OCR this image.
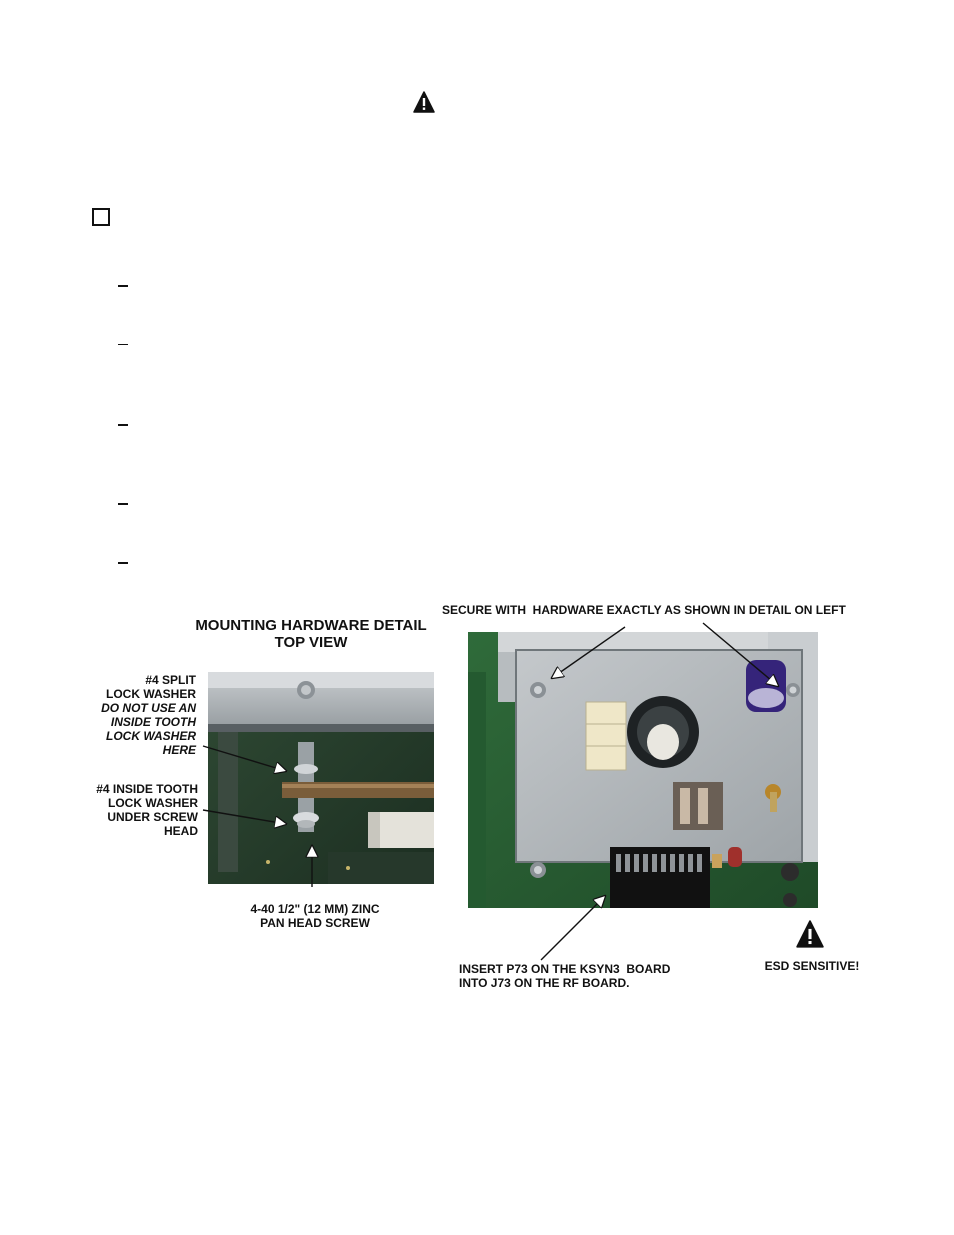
MOUNTING HARDWARE DETAIL
TOP VIEW
#4 SPLIT
LOCK WASHER
DO NOT USE AN
INSIDE TOOTH
LOCK WASHER
HERE
#4 INSIDE TOOTH
LOCK WASHER
UNDER SCREW
HEAD
4-40 1/2" (12 MM) ZINC
PAN HEAD SCREW
SECURE WITH  HARDWARE EXACTLY AS SHOWN IN DETAIL ON LEFT
INSERT P73 ON THE KSYN3  BOARD
INTO J73 ON THE RF BOARD.
ESD SENSITIVE!
